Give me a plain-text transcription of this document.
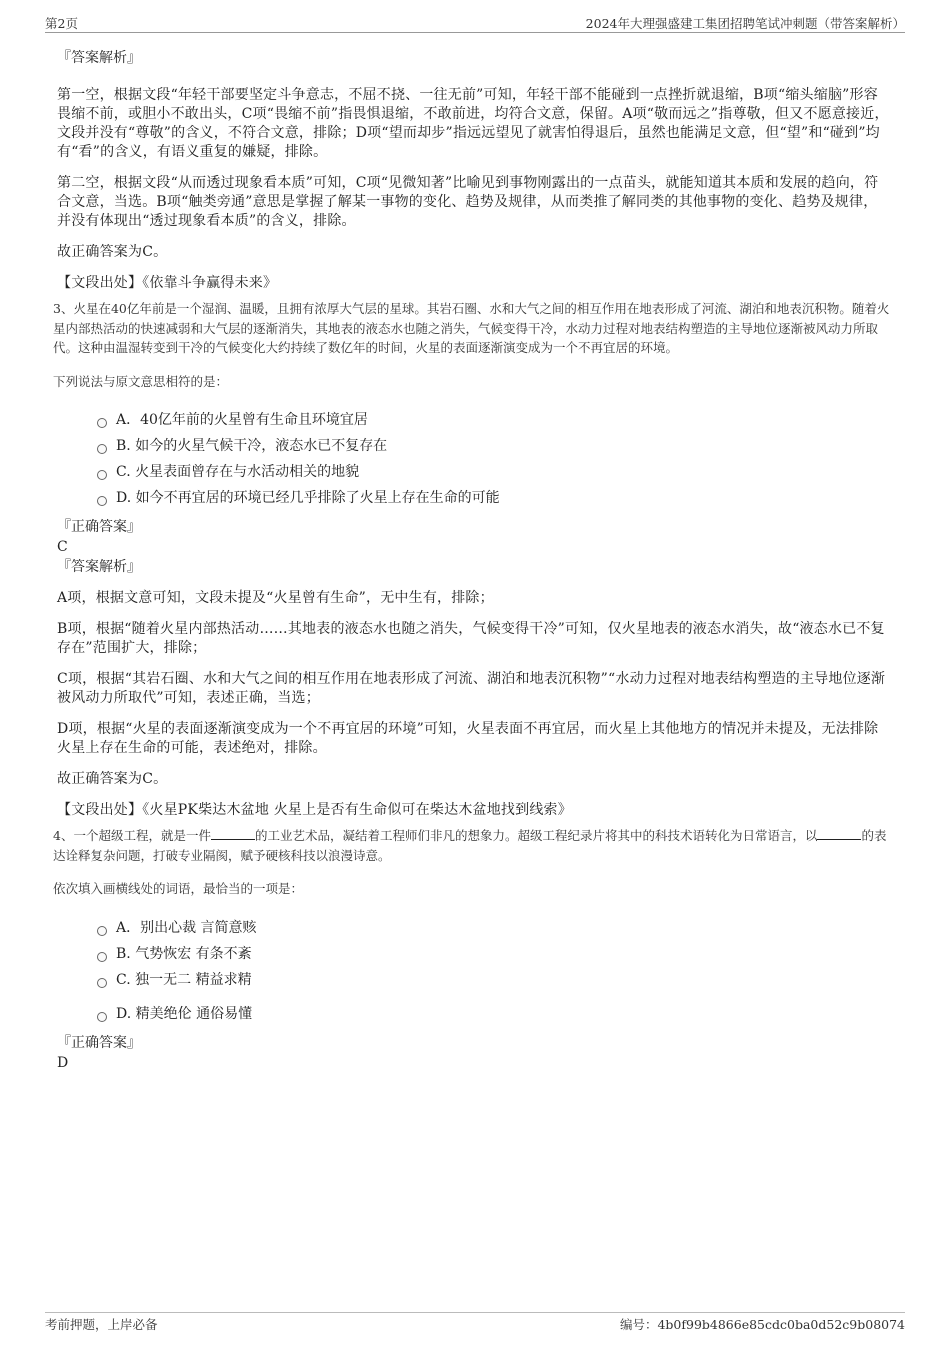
第2页	2024年大理强盛建工集团招聘笔试冲刺题（带答案解析）

『答案解析』

第一空，根据文段“年轻干部要坚定斗争意志，不屈不挠、一往无前”可知，年轻干部不能碰到一点挫折就退缩，B项“缩头缩脑”形容畏缩不前，或胆小不敢出头，C项“畏缩不前”指畏惧退缩，不敢前进，均符合文意，保留。A项“敬而远之”指尊敬，但又不愿意接近，文段并没有“尊敬”的含义，不符合文意，排除；D项“望而却步”指远远望见了就害怕得退后，虽然也能满足文意，但“望”和“碰到”均有“看”的含义，有语义重复的嫌疑，排除。

第二空，根据文段“从而透过现象看本质”可知，C项“见微知著”比喻见到事物刚露出的一点苗头，就能知道其本质和发展的趋向，符合文意，当选。B项“触类旁通”意思是掌握了解某一事物的变化、趋势及规律，从而类推了解同类的其他事物的变化、趋势及规律，并没有体现出“透过现象看本质”的含义，排除。

故正确答案为C。

【文段出处】《依靠斗争赢得未来》

3、火星在40亿年前是一个湿润、温暖，且拥有浓厚大气层的星球。其岩石圈、水和大气之间的相互作用在地表形成了河流、湖泊和地表沉积物。随着火星内部热活动的快速减弱和大气层的逐渐消失，其地表的液态水也随之消失，气候变得干冷，水动力过程对地表结构塑造的主导地位逐渐被风动力所取代。这种由温湿转变到干冷的气候变化大约持续了数亿年的时间，火星的表面逐渐演变成为一个不再宜居的环境。

下列说法与原文意思相符的是：

A．40亿年前的火星曾有生命且环境宜居
B. 如今的火星气候干冷，液态水已不复存在
C. 火星表面曾存在与水活动相关的地貌
D. 如今不再宜居的环境已经几乎排除了火星上存在生命的可能

『正确答案』

C

『答案解析』

A项，根据文意可知，文段未提及“火星曾有生命”，无中生有，排除；

B项，根据“随着火星内部热活动……其地表的液态水也随之消失，气候变得干冷”可知，仅火星地表的液态水消失，故“液态水已不复存在”范围扩大，排除；

C项，根据“其岩石圈、水和大气之间的相互作用在地表形成了河流、湖泊和地表沉积物”“水动力过程对地表结构塑造的主导地位逐渐被风动力所取代”可知，表述正确，当选；

D项，根据“火星的表面逐渐演变成为一个不再宜居的环境”可知，火星表面不再宜居，而火星上其他地方的情况并未提及，无法排除火星上存在生命的可能，表述绝对，排除。

故正确答案为C。

【文段出处】《火星PK柴达木盆地 火星上是否有生命似可在柴达木盆地找到线索》

4、一个超级工程，就是一件	的工业艺术品，凝结着工程师们非凡的想象力。超级工程纪录片将其中的科技术语转化为日常语言，以	的表达诠释复杂问题，打破专业隔阂，赋予硬核科技以浪漫诗意。

依次填入画横线处的词语，最恰当的一项是：

A．别出心裁 言简意赅
B. 气势恢宏 有条不紊
C. 独一无二 精益求精
D. 精美绝伦 通俗易懂

『正确答案』

D

考前押题，上岸必备	编号：4b0f99b4866e85cdc0ba0d52c9b08074
